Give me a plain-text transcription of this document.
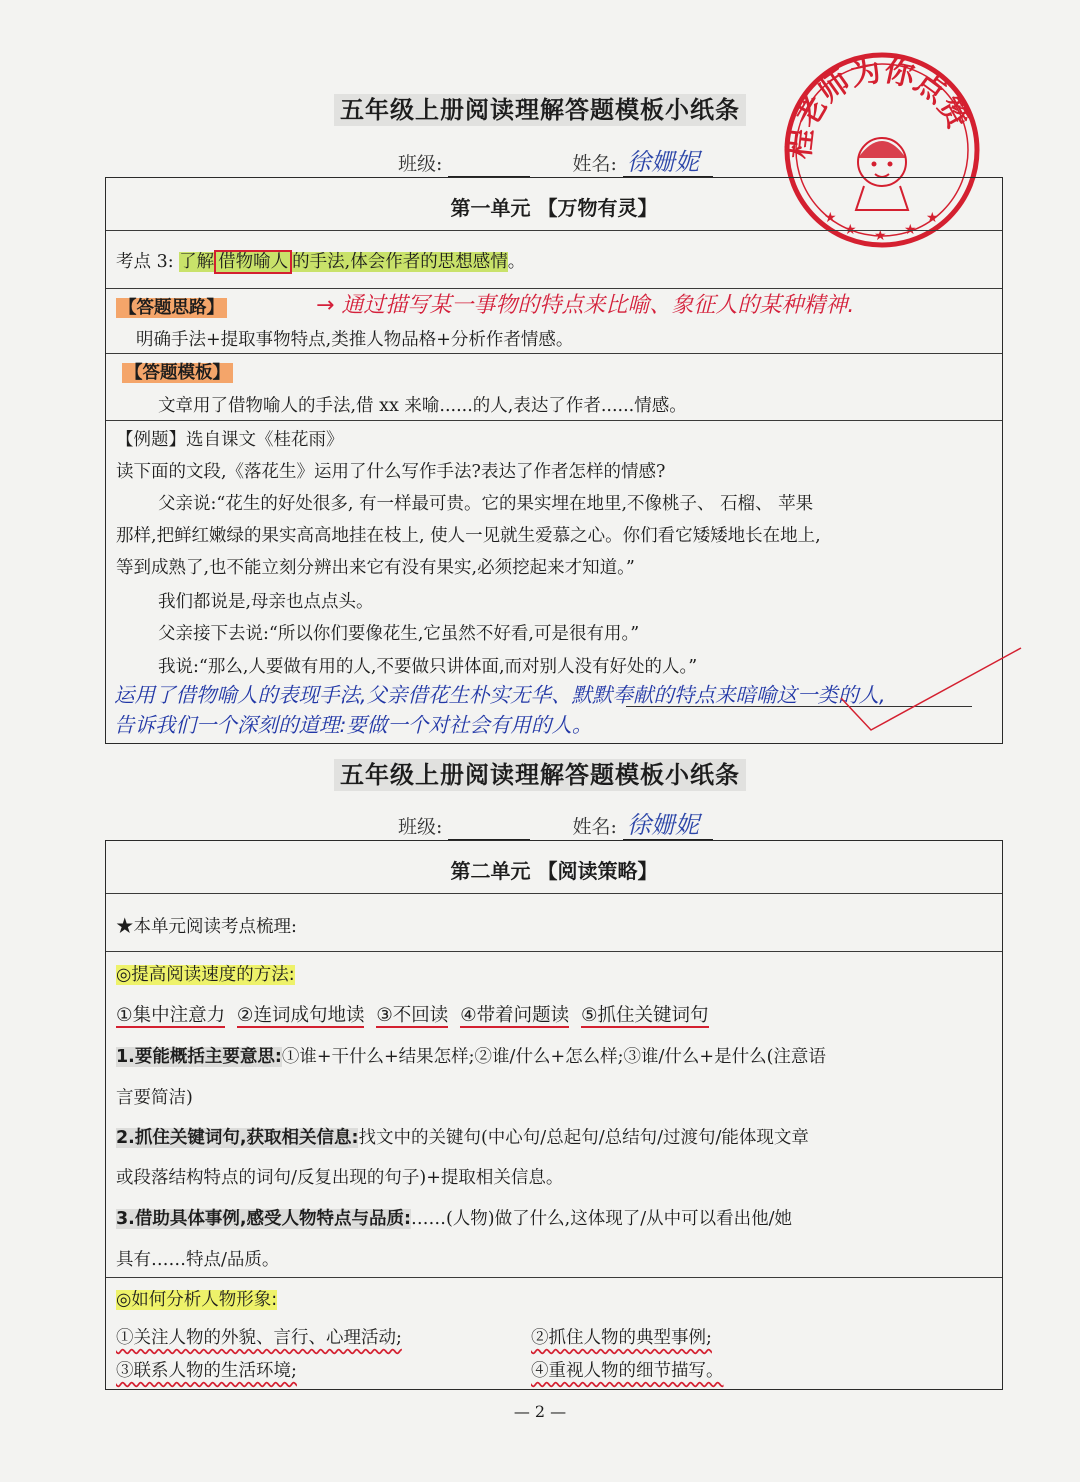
五年级上册阅读理解答题模板小纸条
班级:	姓名: 徐姗妮
程老师为你点赞
★
★ ★ ★
★
第一单元 【万物有灵】
考点 3: 了解 借物喻人 的手法,体会作者的思想感情。
【答题思路】	→ 通过描写某一事物的特点来比喻、象征人的某种精神.
明确手法+提取事物特点,类推人物品格+分析作者情感。
【答题模板】
文章用了借物喻人的手法,借 xx 来喻......的人,表达了作者......情感。
【例题】选自课文《桂花雨》
读下面的文段,《落花生》运用了什么写作手法?表达了作者怎样的情感?
父亲说:“花生的好处很多, 有一样最可贵。它的果实埋在地里,不像桃子、 石榴、 苹果
那样,把鲜红嫩绿的果实高高地挂在枝上, 使人一见就生爱慕之心。你们看它矮矮地长在地上,
等到成熟了,也不能立刻分辨出来它有没有果实,必须挖起来才知道。”
我们都说是,母亲也点点头。
父亲接下去说:“所以你们要像花生,它虽然不好看,可是很有用。”
我说:“那么,人要做有用的人,不要做只讲体面,而对别人没有好处的人。”
运用了借物喻人的表现手法,父亲借花生朴实无华、默默奉献的特点来暗喻这一类的人,
告诉我们一个深刻的道理:要做一个对社会有用的人。
五年级上册阅读理解答题模板小纸条
班级:	姓名: 徐姗妮
第二单元 【阅读策略】
★本单元阅读考点梳理:
◎提高阅读速度的方法:
①集中注意力 ②连词成句地读 ③不回读 ④带着问题读 ⑤抓住关键词句
1.要能概括主要意思:①谁+干什么+结果怎样;②谁/什么+怎么样;③谁/什么+是什么(注意语
言要简洁)
2.抓住关键词句,获取相关信息:找文中的关键句(中心句/总起句/总结句/过渡句/能体现文章
或段落结构特点的词句/反复出现的句子)+提取相关信息。
3.借助具体事例,感受人物特点与品质:……(人物)做了什么,这体现了/从中可以看出他/她
具有……特点/品质。
◎如何分析人物形象:
①关注人物的外貌、言行、心理活动;	②抓住人物的典型事例;
③联系人物的生活环境;	④重视人物的细节描写。
— 2 —
